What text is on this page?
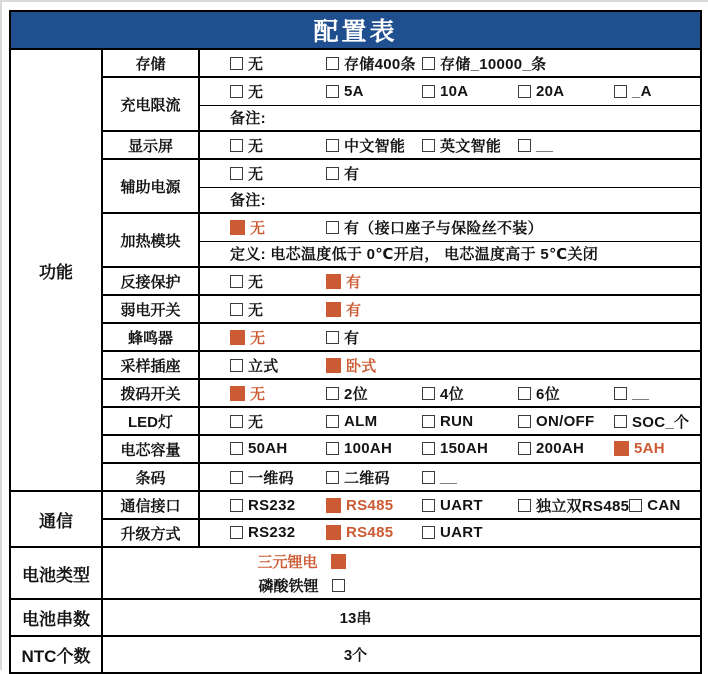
配置表		
功能	存储	无 存储400条 存储_10000_条

	充电限流	无 5A 10A 20A _A

		备注:
	显示屏	无 中文智能 英文智能 __

	辅助电源	无 有

		备注:
	加热模块	无 有（接口座子与保险丝不装）

		定义: 电芯温度低于 0℃开启， 电芯温度高于 5℃关闭
	反接保护	无 有

	弱电开关	无 有

	蜂鸣器	无 有

	采样插座	立式 卧式

	拨码开关	无 2位 4位 6位 __

	LED灯	无 ALM RUN ON/OFF SOC_个

	电芯容量	50AH 100AH 150AH 200AH 5AH

	条码	一维码 二维码 __

通信	通信接口	RS232 RS485 UART 独立双RS485 CAN

	升级方式	RS232 RS485 UART

电池类型	三元锂电
磷酸铁锂	

电池串数	13串	
NTC个数	3个	
